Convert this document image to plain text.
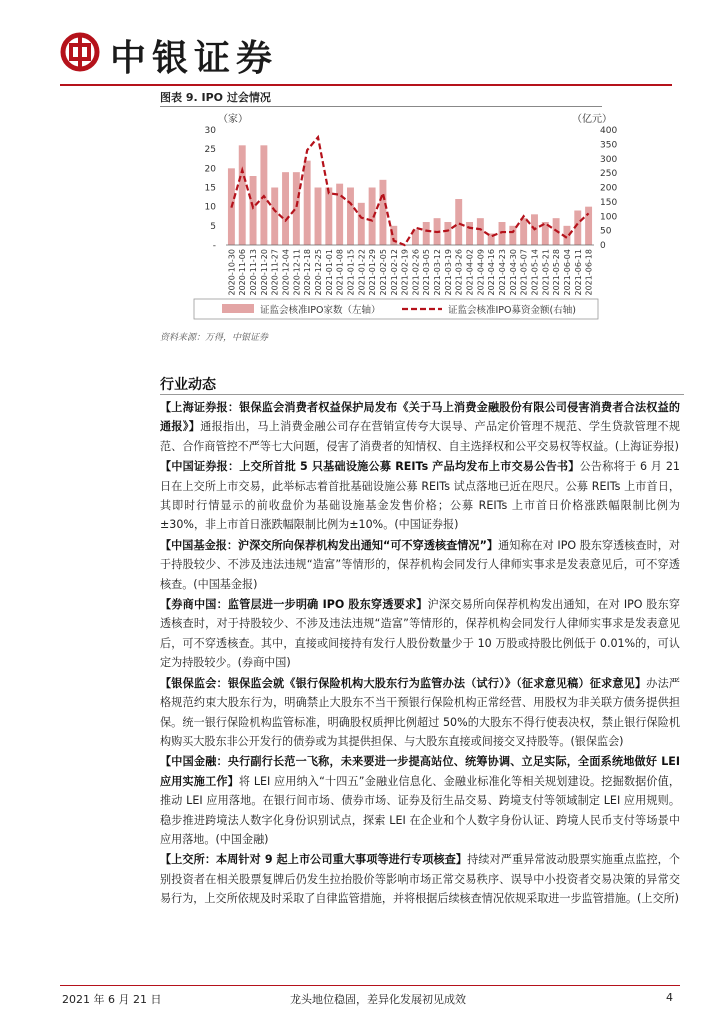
中银证券
图表 9. IPO 过会情况
（家）	（亿元）
30
25
20
15
10
5
-
400
350
300
250
200
150
100
50
0
2020-10-30 2020-11-06 2020-11-13 2020-11-20 2020-11-27 2020-12-04 2020-12-11 2020-12-18 2020-12-25 2021-01-01 2021-01-08 2021-01-15 2021-01-22 2021-01-29 2021-02-05 2021-02-12 2021-02-19 2021-02-26 2021-03-05 2021-03-12 2021-03-19 2021-03-26 2021-04-02 2021-04-09 2021-04-16 2021-04-23 2021-04-30 2021-05-07 2021-05-14 2021-05-21 2021-05-28 2021-06-04 2021-06-11 2021-06-18
证监会核准IPO家数（左轴）	证监会核准IPO募资金额(右轴)
资料来源：万得，中银证券
行业动态

【上海证券报：银保监会消费者权益保护局发布《关于马上消费金融股份有限公司侵害消费者合法权益的通报》】通报指出，马上消费金融公司存在营销宣传夸大误导、产品定价管理不规范、学生贷款管理不规范、合作商管控不严等七大问题，侵害了消费者的知情权、自主选择权和公平交易权等权益。(上海证券报)

【中国证券报：上交所首批 5 只基础设施公募 REITs 产品均发布上市交易公告书】公告称将于 6 月 21 日在上交所上市交易，此举标志着首批基础设施公募 REITs 试点落地已近在咫尺。公募 REITs 上市首日，其即时行情显示的前收盘价为基础设施基金发售价格；公募 REITs 上市首日价格涨跌幅限制比例为±30%，非上市首日涨跌幅限制比例为±10%。(中国证券报)

【中国基金报：沪深交所向保荐机构发出通知“可不穿透核查情况”】通知称在对 IPO 股东穿透核查时，对于持股较少、不涉及违法违规“造富”等情形的，保荐机构会同发行人律师实事求是发表意见后，可不穿透核查。(中国基金报)

【券商中国：监管层进一步明确 IPO 股东穿透要求】沪深交易所向保荐机构发出通知，在对 IPO 股东穿透核查时，对于持股较少、不涉及违法违规“造富”等情形的，保荐机构会同发行人律师实事求是发表意见后，可不穿透核查。其中，直接或间接持有发行人股份数量少于 10 万股或持股比例低于 0.01%的，可认定为持股较少。(券商中国)

【银保监会：银保监会就《银行保险机构大股东行为监管办法（试行）》（征求意见稿）征求意见】办法严格规范约束大股东行为，明确禁止大股东不当干预银行保险机构正常经营、用股权为非关联方债务提供担保。统一银行保险机构监管标准，明确股权质押比例超过 50%的大股东不得行使表决权，禁止银行保险机构购买大股东非公开发行的债券或为其提供担保、与大股东直接或间接交叉持股等。(银保监会)

【中国金融：央行副行长范一飞称，未来要进一步提高站位、统筹协调、立足实际，全面系统地做好 LEI 应用实施工作】将 LEI 应用纳入“十四五”金融业信息化、金融业标准化等相关规划建设。挖掘数据价值，推动 LEI 应用落地。在银行间市场、债券市场、证券及衍生品交易、跨境支付等领域制定 LEI 应用规则。稳步推进跨境法人数字化身份识别试点，探索 LEI 在企业和个人数字身份认证、跨境人民币支付等场景中应用落地。(中国金融)

【上交所：本周针对 9 起上市公司重大事项等进行专项核查】持续对严重异常波动股票实施重点监控，个别投资者在相关股票复牌后仍发生拉抬股价等影响市场正常交易秩序、误导中小投资者交易决策的异常交易行为，上交所依规及时采取了自律监管措施，并将根据后续核查情况依规采取进一步监管措施。(上交所)

2021 年 6 月 21 日	龙头地位稳固，差异化发展初见成效	4
